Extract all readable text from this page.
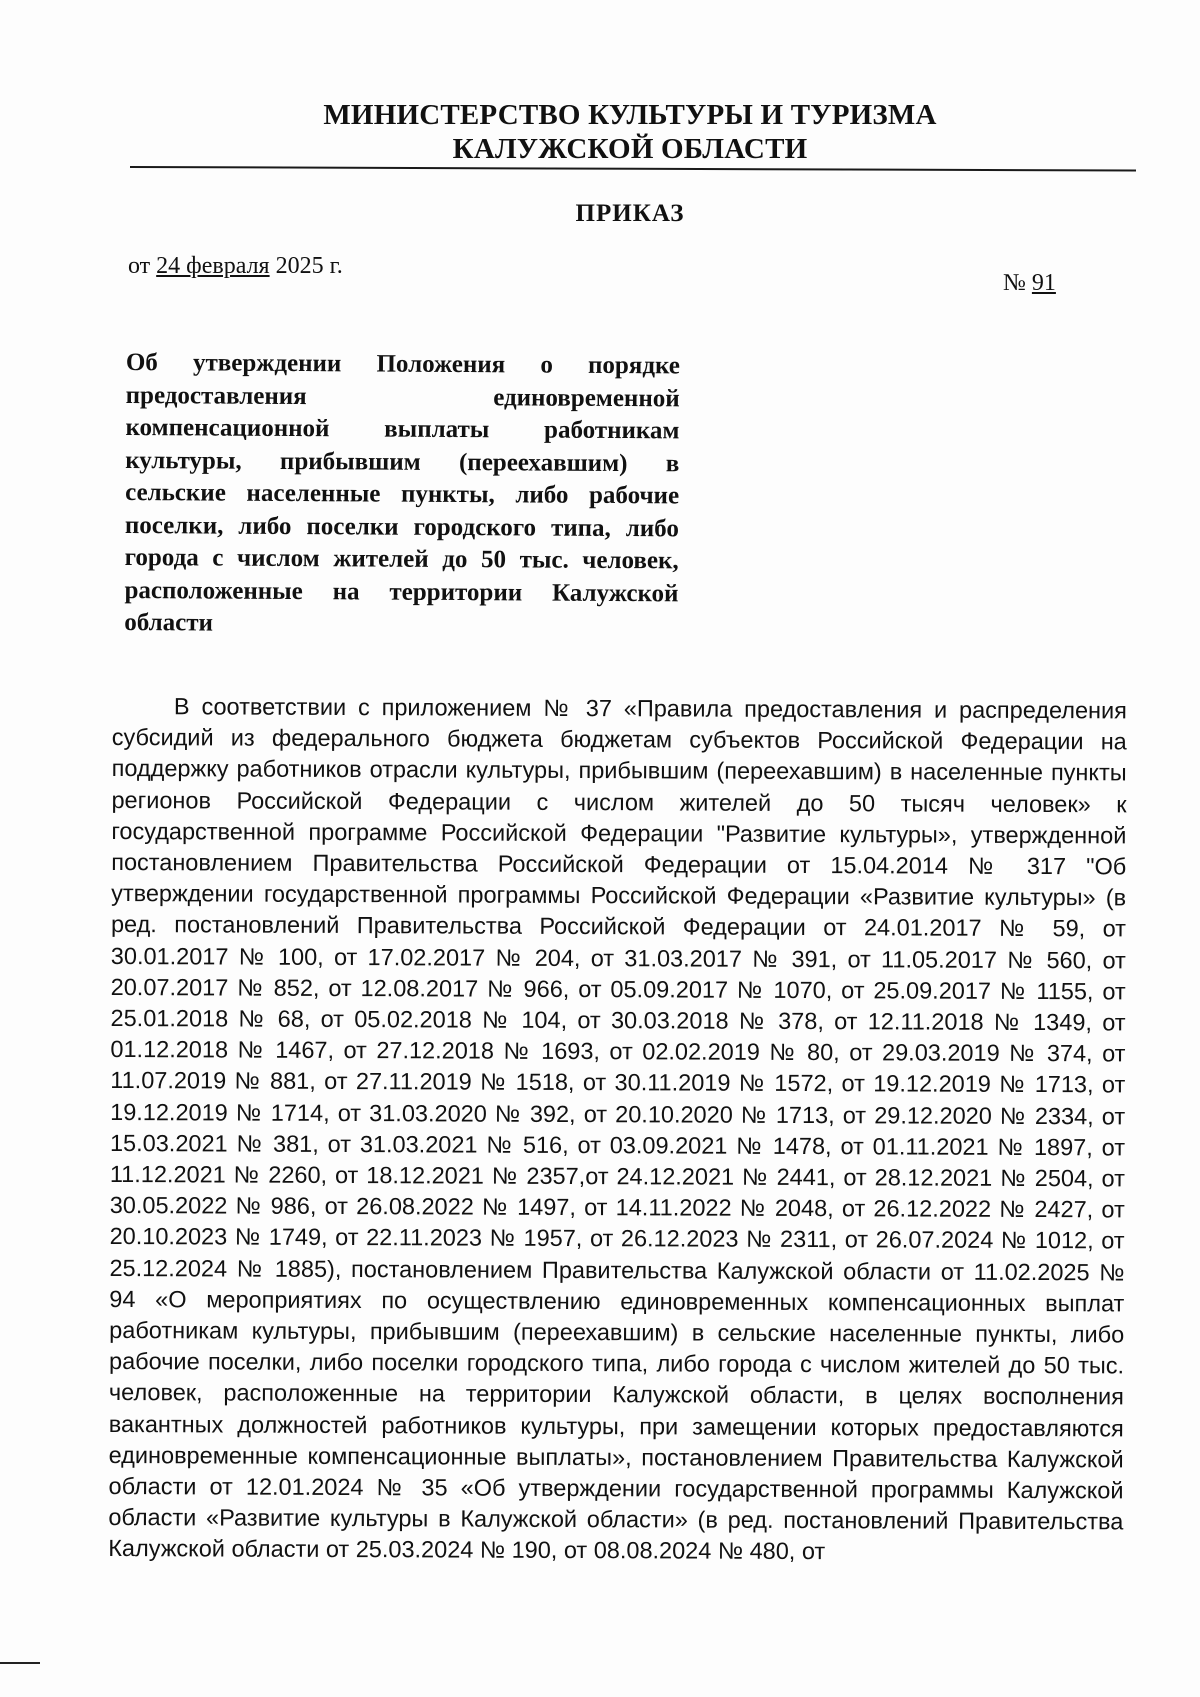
МИНИСТЕРСТВО КУЛЬТУРЫ И ТУРИЗМА
КАЛУЖСКОЙ ОБЛАСТИ
ПРИКАЗ
от 24 февраля 2025 г.
№ 91
Об утверждении Положения о порядке предоставления единовременной компенсационной выплаты работникам культуры, прибывшим (переехавшим) в сельские населенные пункты, либо рабочие поселки, либо поселки городского типа, либо города с числом жителей до 50 тыс. человек, расположенные на территории Калужской области
В соответствии с приложением № 37 «Правила предоставления и распределения субсидий из федерального бюджета бюджетам субъектов Российской Федерации на поддержку работников отрасли культуры, прибывшим (переехавшим) в населенные пункты регионов Российской Федерации с числом жителей до 50 тысяч человек» к государственной программе Российской Федерации "Развитие культуры», утвержденной постановлением Правительства Российской Федерации от 15.04.2014 № 317 "Об утверждении государственной программы Российской Федерации «Развитие культуры» (в ред. постановлений Правительства Российской Федерации от 24.01.2017 № 59, от 30.01.2017 № 100, от 17.02.2017 № 204, от 31.03.2017 № 391, от 11.05.2017 № 560, от 20.07.2017 № 852, от 12.08.2017 № 966, от 05.09.2017 № 1070, от 25.09.2017 № 1155, от 25.01.2018 № 68, от 05.02.2018 № 104, от 30.03.2018 № 378, от 12.11.2018 № 1349, от 01.12.2018 № 1467, от 27.12.2018 № 1693, от 02.02.2019 № 80, от 29.03.2019 № 374, от 11.07.2019 № 881, от 27.11.2019 № 1518, от 30.11.2019 № 1572, от 19.12.2019 № 1713, от 19.12.2019 № 1714, от 31.03.2020 № 392, от 20.10.2020 № 1713, от 29.12.2020 № 2334, от 15.03.2021 № 381, от 31.03.2021 № 516, от 03.09.2021 № 1478, от 01.11.2021 № 1897, от 11.12.2021 № 2260, от 18.12.2021 № 2357,от 24.12.2021 № 2441, от 28.12.2021 № 2504, от 30.05.2022 № 986, от 26.08.2022 № 1497, от 14.11.2022 № 2048, от 26.12.2022 № 2427, от 20.10.2023 № 1749, от 22.11.2023 № 1957, от 26.12.2023 № 2311, от 26.07.2024 № 1012, от 25.12.2024 № 1885), постановлением Правительства Калужской области от 11.02.2025 № 94 «О мероприятиях по осуществлению единовременных компенсационных выплат работникам культуры, прибывшим (переехавшим) в сельские населенные пункты, либо рабочие поселки, либо поселки городского типа, либо города с числом жителей до 50 тыс. человек, расположенные на территории Калужской области, в целях восполнения вакантных должностей работников культуры, при замещении которых предоставляются единовременные компенсационные выплаты», постановлением Правительства Калужской области от 12.01.2024 № 35 «Об утверждении государственной программы Калужской области «Развитие культуры в Калужской области» (в ред. постановлений Правительства Калужской области от 25.03.2024 № 190, от 08.08.2024 № 480, от
